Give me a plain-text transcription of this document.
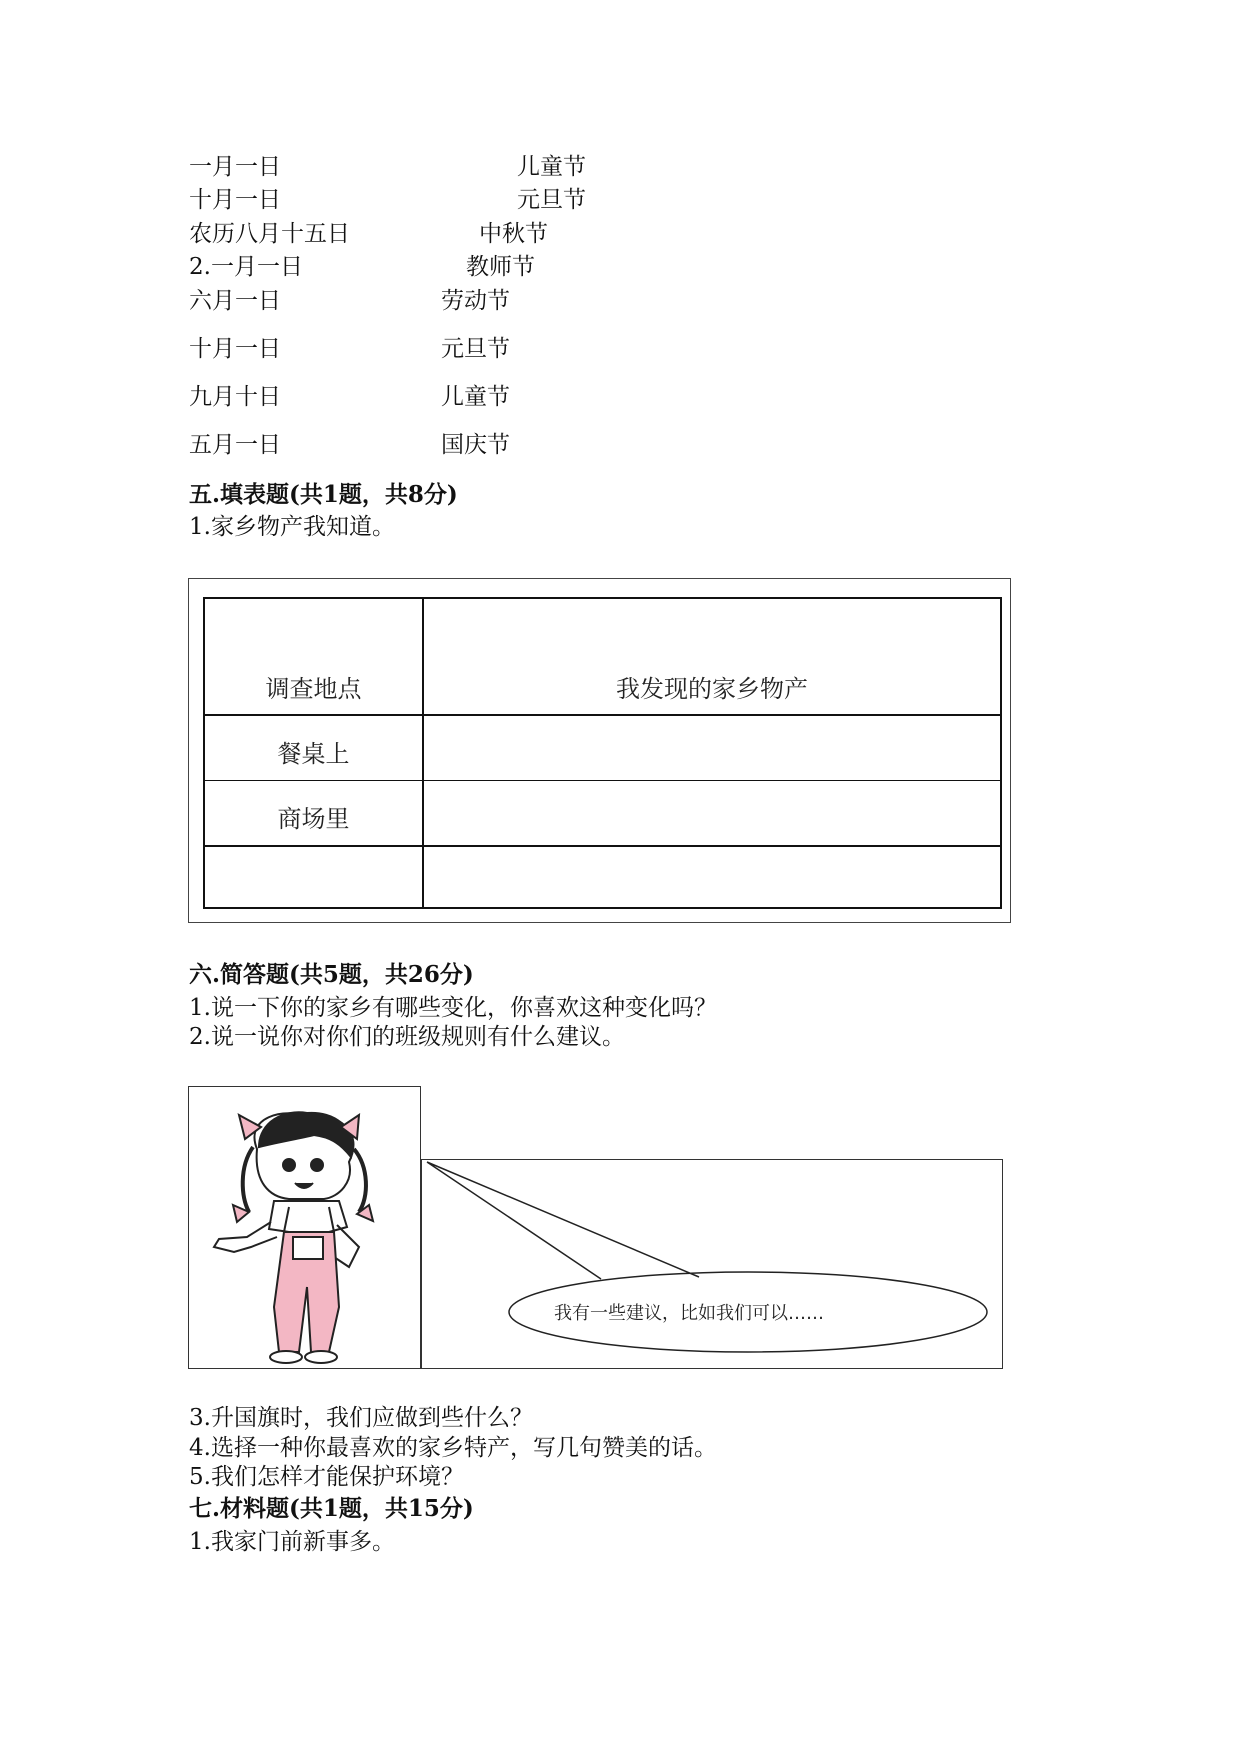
一月一日	儿童节
十月一日	元旦节
农历八月十五日	中秋节
2.一月一日	教师节
六月一日	劳动节
十月一日	元旦节
九月十日	儿童节
五月一日	国庆节
五.填表题(共1题，共8分)
1.家乡物产我知道。
调查地点	我发现的家乡物产
餐桌上
商场里
六.简答题(共5题，共26分)
1.说一下你的家乡有哪些变化，你喜欢这种变化吗？
2.说一说你对你们的班级规则有什么建议。
我有一些建议，比如我们可以……
3.升国旗时，我们应做到些什么？
4.选择一种你最喜欢的家乡特产，写几句赞美的话。
5.我们怎样才能保护环境？
七.材料题(共1题，共15分)
1.我家门前新事多。
